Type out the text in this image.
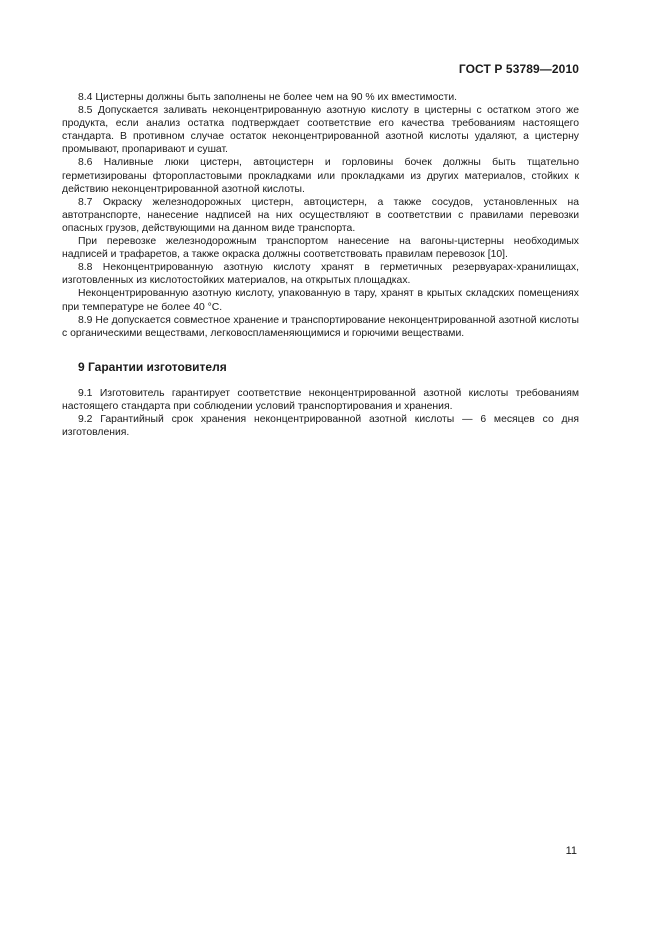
ГОСТ Р 53789—2010

8.4 Цистерны должны быть заполнены не более чем на 90 % их вместимости.

8.5 Допускается заливать неконцентрированную азотную кислоту в цистерны с остатком этого же продукта, если анализ остатка подтверждает соответствие его качества требованиям настоящего стандарта. В противном случае остаток неконцентрированной азотной кислоты удаляют, а цистерну промывают, пропаривают и сушат.

8.6 Наливные люки цистерн, автоцистерн и горловины бочек должны быть тщательно герметизированы фторопластовыми прокладками или прокладками из других материалов, стойких к действию неконцентрированной азотной кислоты.

8.7 Окраску железнодорожных цистерн, автоцистерн, а также сосудов, установленных на автотранспорте, нанесение надписей на них осуществляют в соответствии с правилами перевозки опасных грузов, действующими на данном виде транспорта.

При перевозке железнодорожным транспортом нанесение на вагоны-цистерны необходимых надписей и трафаретов, а также окраска должны соответствовать правилам перевозок [10].

8.8 Неконцентрированную азотную кислоту хранят в герметичных резервуарах-хранилищах, изготовленных из кислотостойких материалов, на открытых площадках.

Неконцентрированную азотную кислоту, упакованную в тару, хранят в крытых складских помещениях при температуре не более 40 °С.

8.9 Не допускается совместное хранение и транспортирование неконцентрированной азотной кислоты с органическими веществами, легковоспламеняющимися и горючими веществами.

9 Гарантии изготовителя

9.1 Изготовитель гарантирует соответствие неконцентрированной азотной кислоты требованиям настоящего стандарта при соблюдении условий транспортирования и хранения.

9.2 Гарантийный срок хранения неконцентрированной азотной кислоты — 6 месяцев со дня изготовления.

11
